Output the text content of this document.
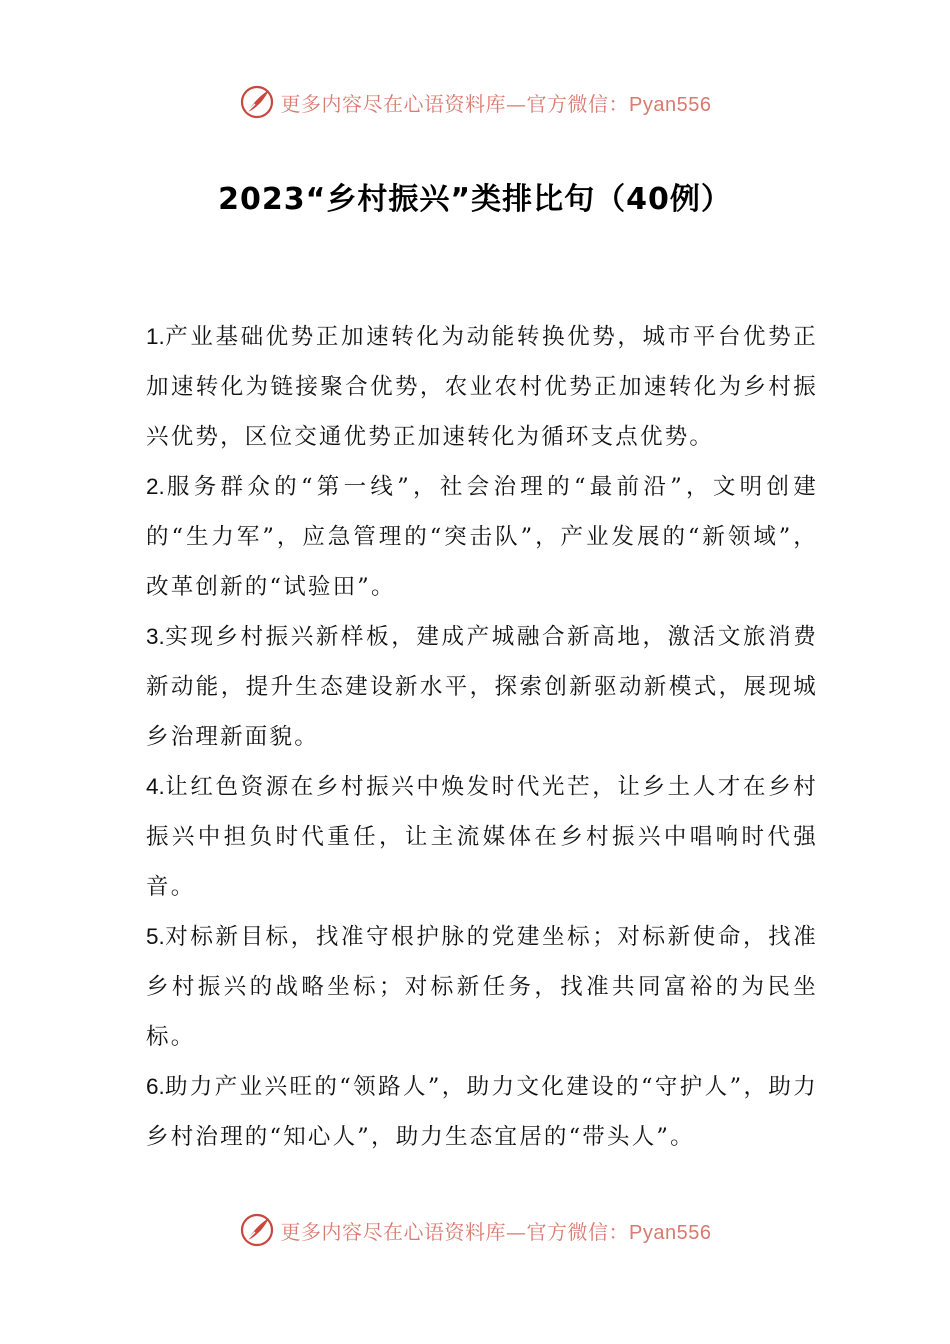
更多内容尽在心语资料库—官方微信：Pyan556
2023“乡村振兴”类排比句（40例）

1.产业基础优势正加速转化为动能转换优势，城市平台优势正加速转化为链接聚合优势，农业农村优势正加速转化为乡村振兴优势，区位交通优势正加速转化为循环支点优势。

2.服务群众的“第一线”，社会治理的“最前沿”，文明创建的“生力军”，应急管理的“突击队”，产业发展的“新领域”，改革创新的“试验田”。

3.实现乡村振兴新样板，建成产城融合新高地，激活文旅消费新动能，提升生态建设新水平，探索创新驱动新模式，展现城乡治理新面貌。

4.让红色资源在乡村振兴中焕发时代光芒，让乡土人才在乡村振兴中担负时代重任，让主流媒体在乡村振兴中唱响时代强音。

5.对标新目标，找准守根护脉的党建坐标；对标新使命，找准乡村振兴的战略坐标；对标新任务，找准共同富裕的为民坐标。

6.助力产业兴旺的“领路人”，助力文化建设的“守护人”，助力乡村治理的“知心人”，助力生态宜居的“带头人”。

更多内容尽在心语资料库—官方微信：Pyan556
